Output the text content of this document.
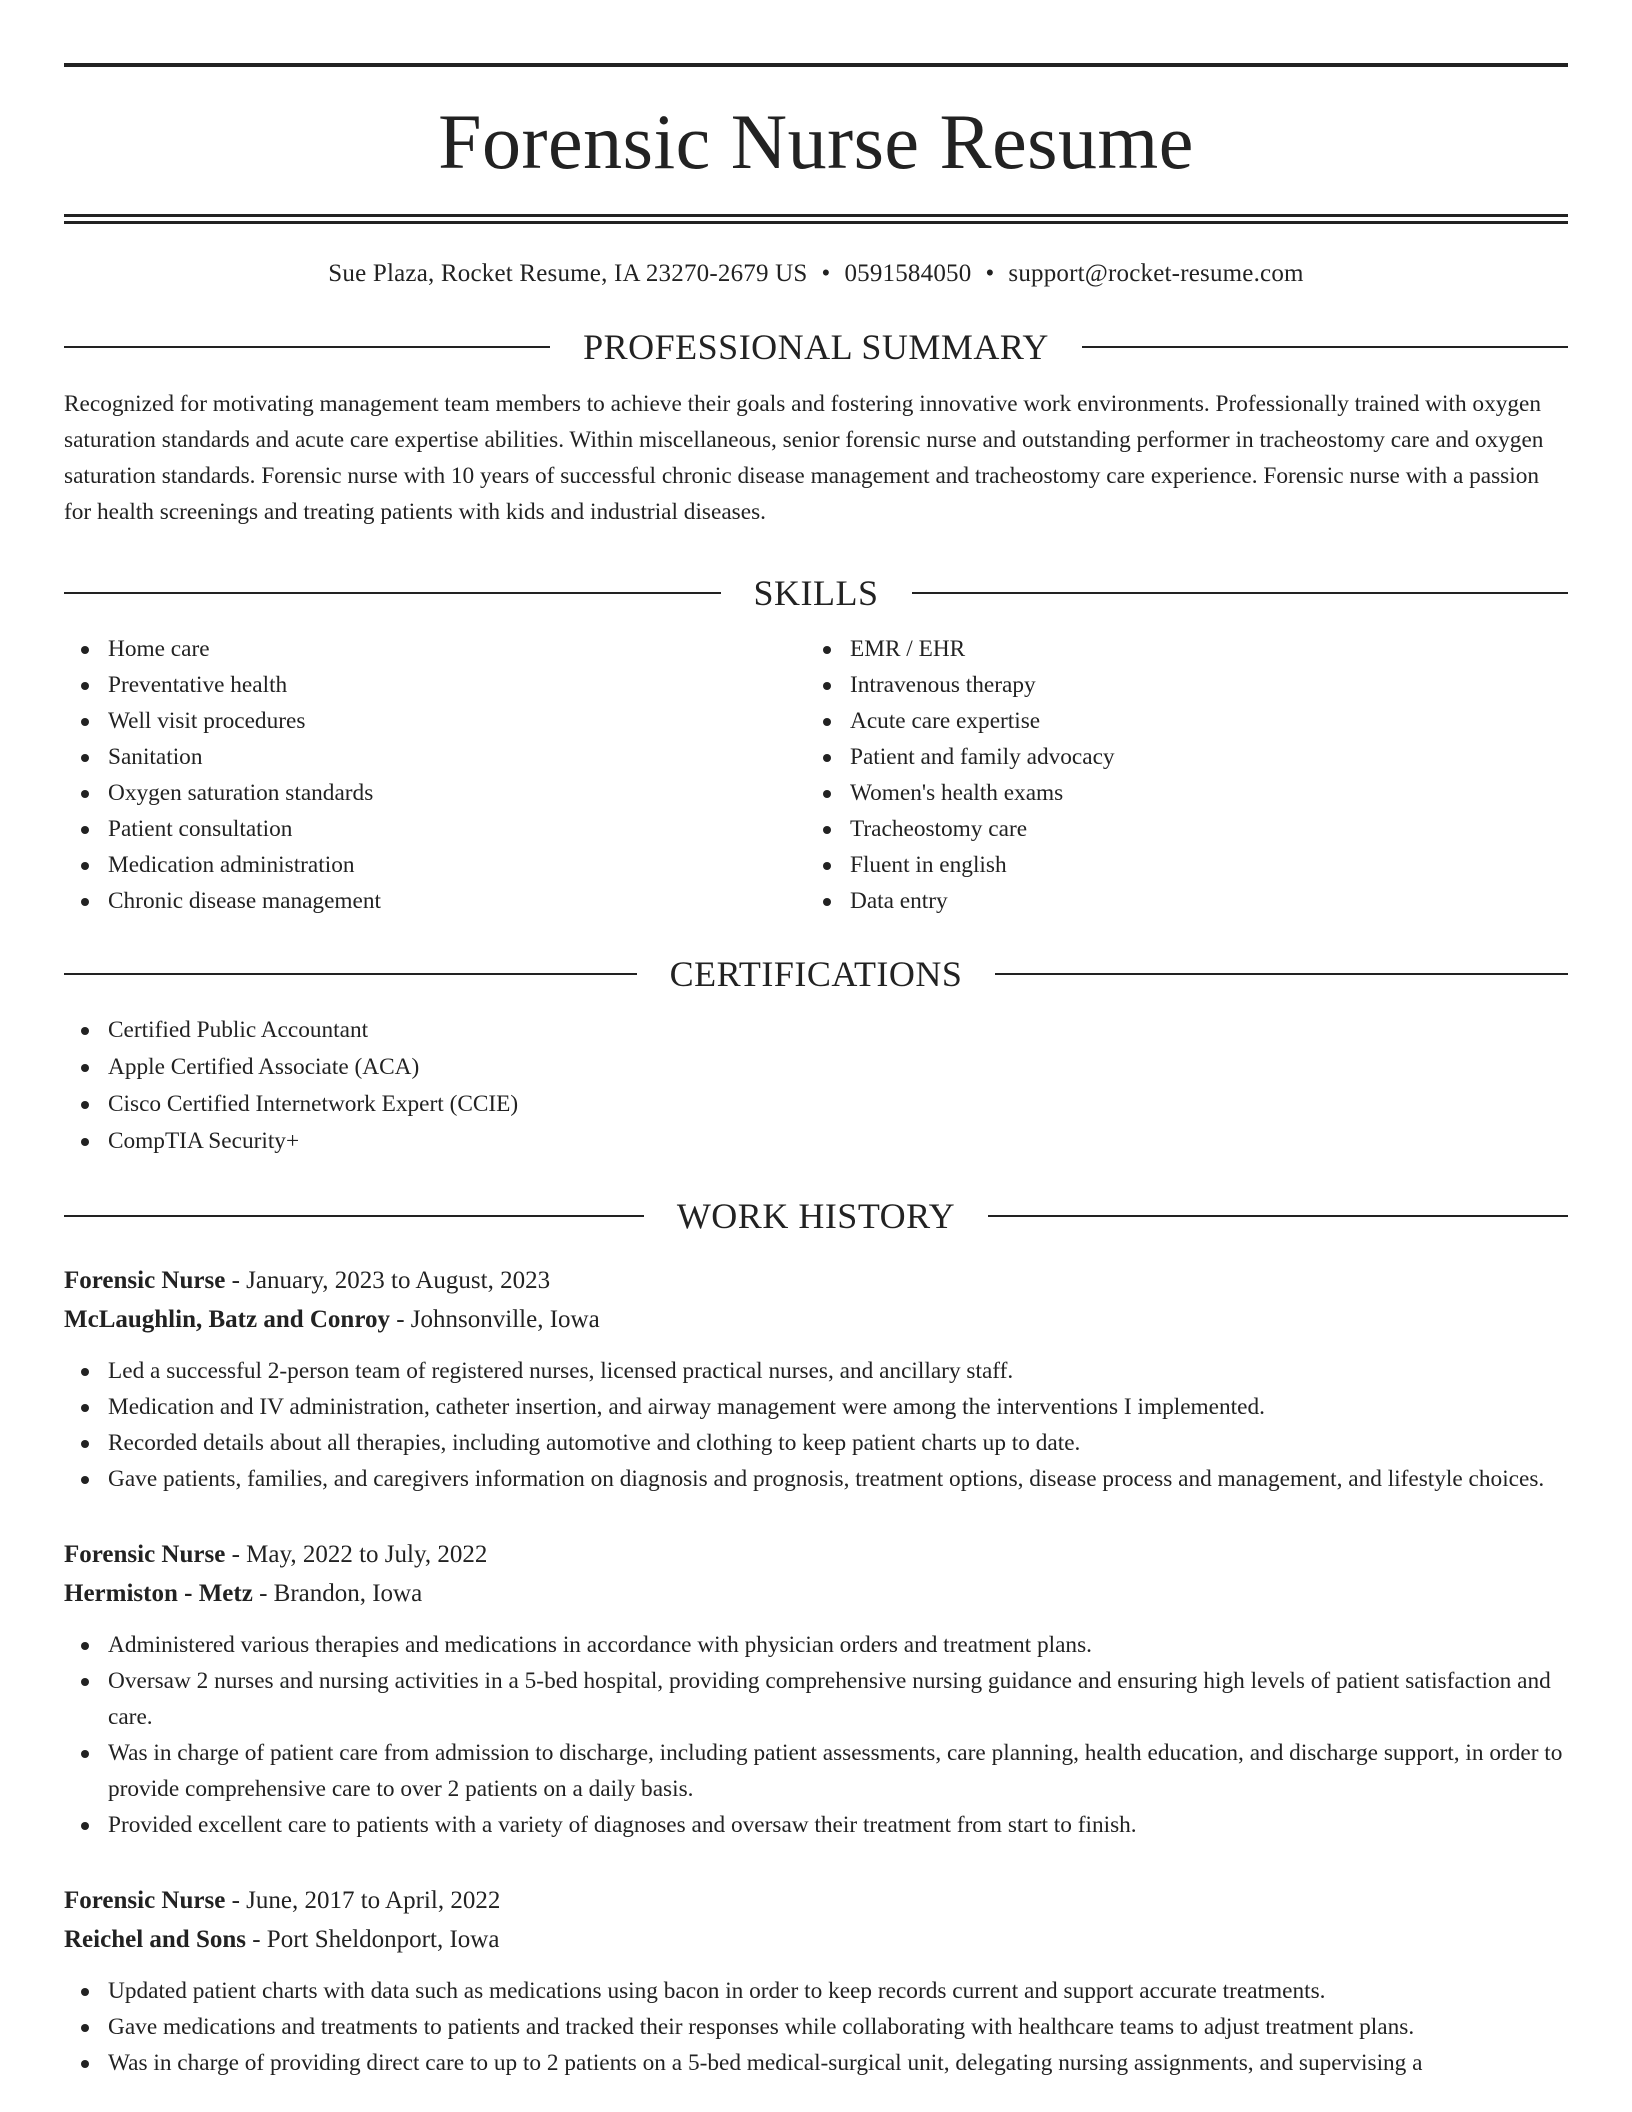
Forensic Nurse Resume
Sue Plaza, Rocket Resume, IA 23270-2679 US • 0591584050 • support@rocket-resume.com
PROFESSIONAL SUMMARY

Recognized for motivating management team members to achieve their goals and fostering innovative work environments. Professionally trained with oxygen saturation standards and acute care expertise abilities. Within miscellaneous, senior forensic nurse and outstanding performer in tracheostomy care and oxygen saturation standards. Forensic nurse with 10 years of successful chronic disease management and tracheostomy care experience. Forensic nurse with a passion for health screenings and treating patients with kids and industrial diseases.

SKILLS
Home care
Preventative health
Well visit procedures
Sanitation
Oxygen saturation standards
Patient consultation
Medication administration
Chronic disease management
EMR / EHR
Intravenous therapy
Acute care expertise
Patient and family advocacy
Women's health exams
Tracheostomy care
Fluent in english
Data entry
CERTIFICATIONS
Certified Public Accountant
Apple Certified Associate (ACA)
Cisco Certified Internetwork Expert (CCIE)
CompTIA Security+
WORK HISTORY
Forensic Nurse - January, 2023 to August, 2023
McLaughlin, Batz and Conroy - Johnsonville, Iowa
Led a successful 2-person team of registered nurses, licensed practical nurses, and ancillary staff.
Medication and IV administration, catheter insertion, and airway management were among the interventions I implemented.
Recorded details about all therapies, including automotive and clothing to keep patient charts up to date.
Gave patients, families, and caregivers information on diagnosis and prognosis, treatment options, disease process and management, and lifestyle choices.
Forensic Nurse - May, 2022 to July, 2022
Hermiston - Metz - Brandon, Iowa
Administered various therapies and medications in accordance with physician orders and treatment plans.
Oversaw 2 nurses and nursing activities in a 5-bed hospital, providing comprehensive nursing guidance and ensuring high levels of patient satisfaction and care.
Was in charge of patient care from admission to discharge, including patient assessments, care planning, health education, and discharge support, in order to provide comprehensive care to over 2 patients on a daily basis.
Provided excellent care to patients with a variety of diagnoses and oversaw their treatment from start to finish.
Forensic Nurse - June, 2017 to April, 2022
Reichel and Sons - Port Sheldonport, Iowa
Updated patient charts with data such as medications using bacon in order to keep records current and support accurate treatments.
Gave medications and treatments to patients and tracked their responses while collaborating with healthcare teams to adjust treatment plans.
Was in charge of providing direct care to up to 2 patients on a 5-bed medical-surgical unit, delegating nursing assignments, and supervising a
